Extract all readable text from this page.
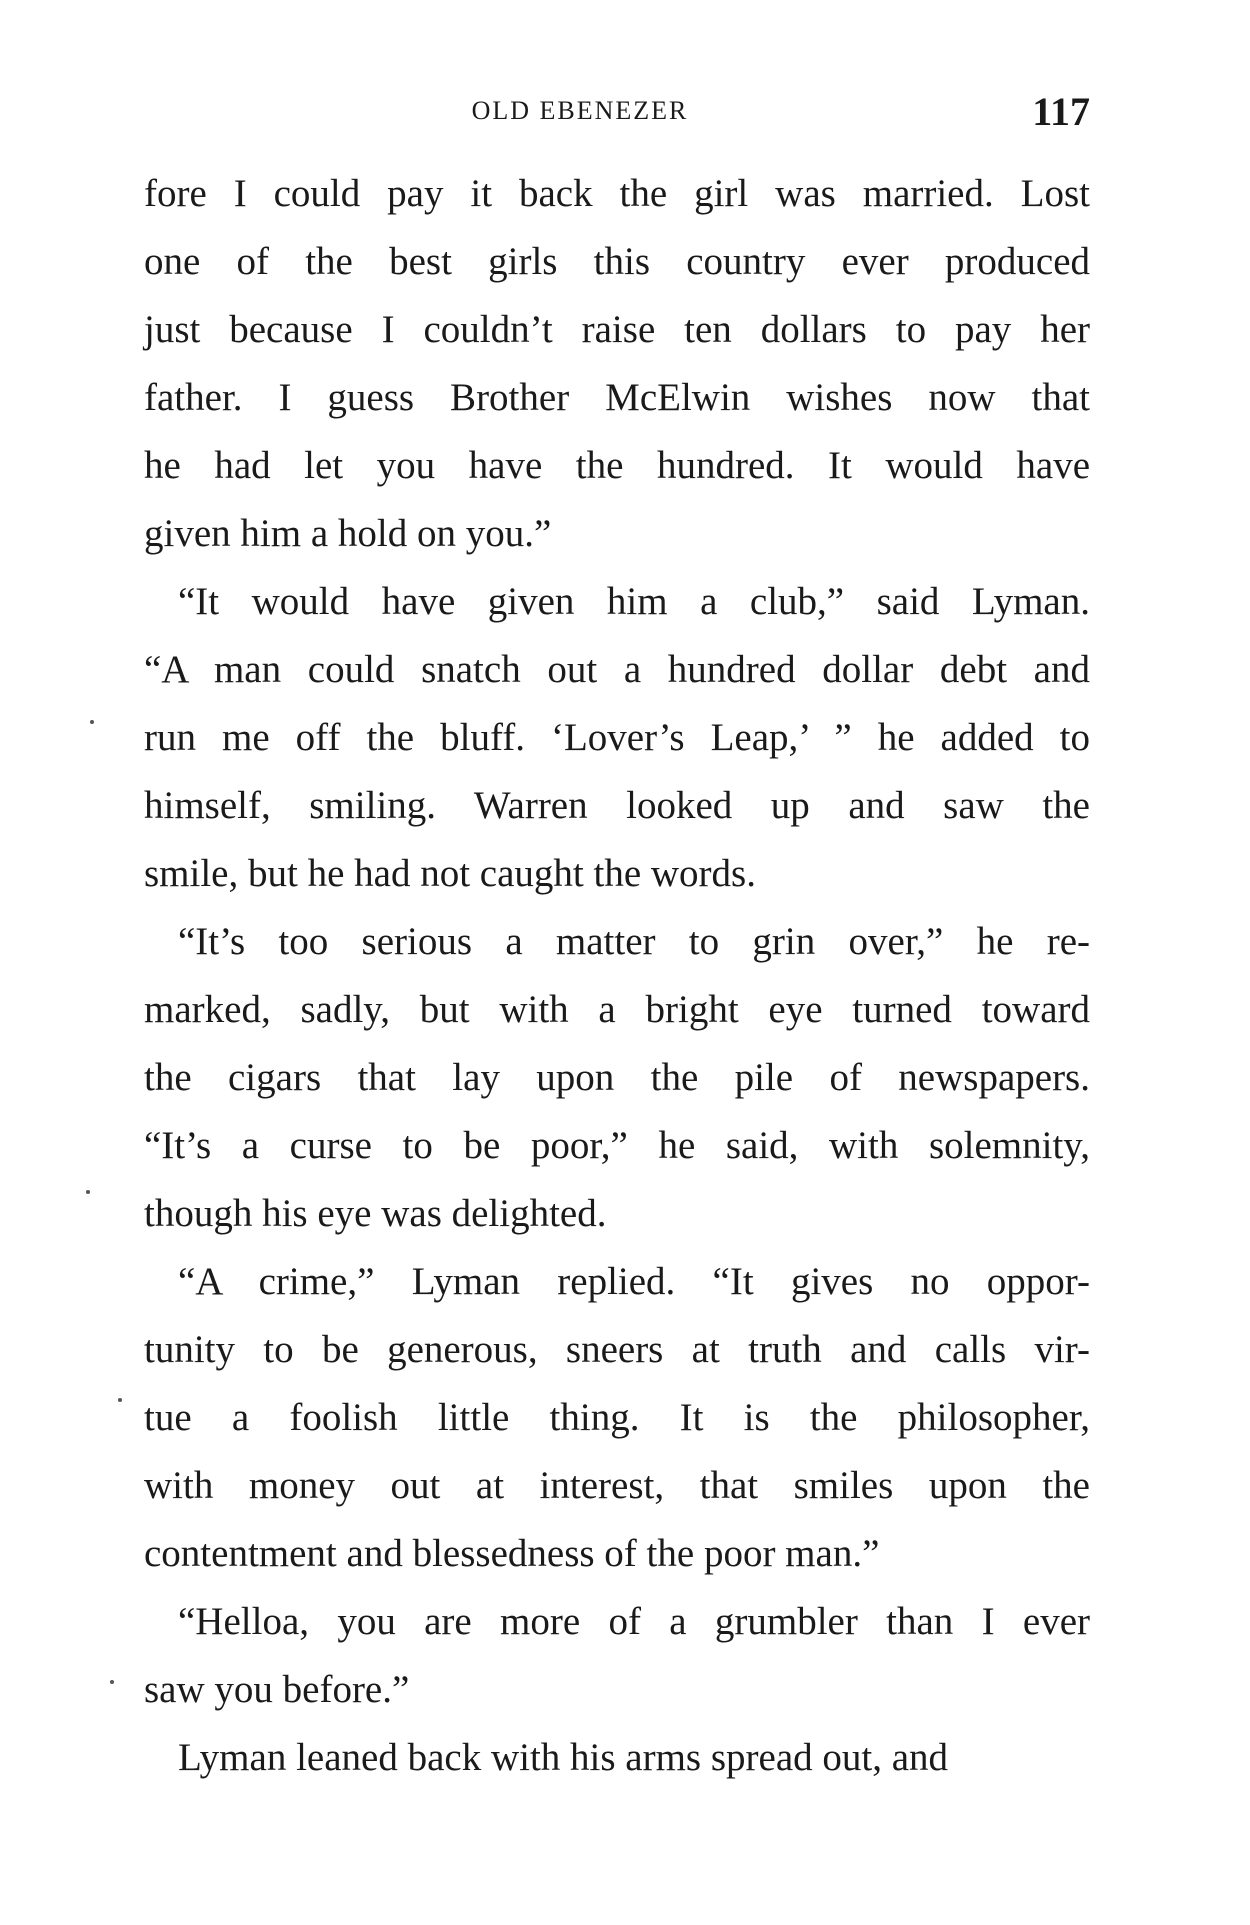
OLD EBENEZER	117
fore I could pay it back the girl was married. Lost
one of the best girls this country ever produced
just because I couldn’t raise ten dollars to pay her
father. I guess Brother McElwin wishes now that
he had let you have the hundred. It would have
given him a hold on you.”
“It would have given him a club,” said Lyman.
“A man could snatch out a hundred dollar debt and
run me off the bluff. ‘Lover’s Leap,’ ” he added to
himself, smiling. Warren looked up and saw the
smile, but he had not caught the words.
“It’s too serious a matter to grin over,” he re-
marked, sadly, but with a bright eye turned toward
the cigars that lay upon the pile of newspapers.
“It’s a curse to be poor,” he said, with solemnity,
though his eye was delighted.
“A crime,” Lyman replied. “It gives no oppor-
tunity to be generous, sneers at truth and calls vir-
tue a foolish little thing. It is the philosopher,
with money out at interest, that smiles upon the
contentment and blessedness of the poor man.”
“Helloa, you are more of a grumbler than I ever
saw you before.”
Lyman leaned back with his arms spread out, and
